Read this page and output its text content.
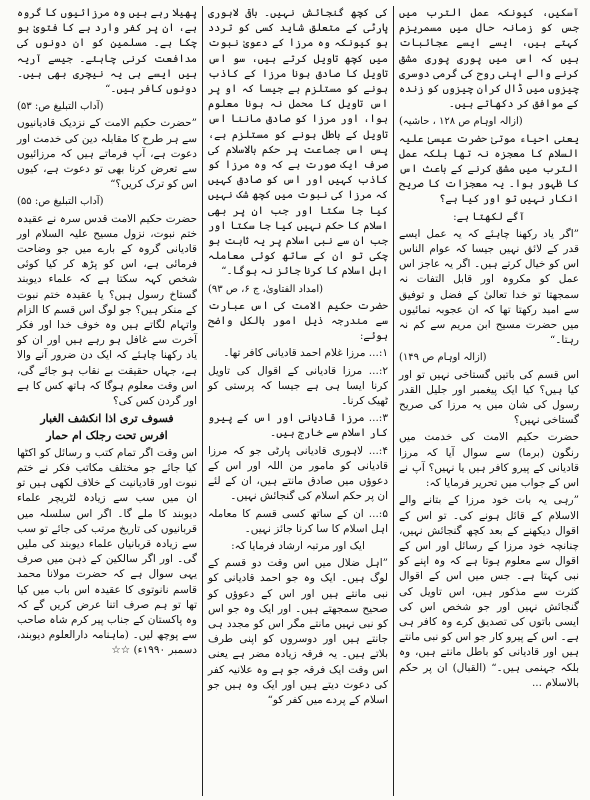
آسکیں، کیونکہ عمل الترب میں جس کو زمانہ حال میں مسمریزم کہتے ہیں، ایسے ایسے عجائبات ہیں کہ اس میں پوری پوری مشق کرنے والے اپنی روح کی گرمی دوسری چیزوں میں ڈال کران چیزوں کو زندہ کے موافق کر دکھاتے ہیں۔

(ازالہ اوہام ص ۱۲۸ ، حاشیہ)

یعنی احیاء موتیٰ حضرت عیسیٰ علیہ السلام کا معجزہ نہ تھا بلکہ عمل الترب میں مشق کرنے کے باعث اس کا ظہور ہوا۔ یہ معجزات کا صریح انکار نہیں تو اور کیا ہے؟

آگے لکھتا ہے:

”اگر یاد رکھنا چاہئے کہ یہ عمل ایسے قدر کے لائق نہیں جیسا کہ عوام الناس اس کو خیال کرتے ہیں۔ اگر یہ عاجز اس عمل کو مکروہ اور قابل التفات نہ سمجھتا تو خدا تعالیٰ کے فضل و توفیق سے امید رکھتا تھا کہ ان عجوبہ نمائیوں میں حضرت مسیح ابن مریم سے کم نہ رہتا۔“

(ازالہ اوہام ص ۱۴۹)

اس قسم کی باتیں گستاخی نہیں تو اور کیا ہیں؟ کیا ایک پیغمبر اور جلیل القدر رسول کی شان میں یہ مرزا کی صریح گستاخی نہیں؟

حضرت حکیم الامت کی خدمت میں رنگون (برما) سے سوال آیا کہ مرزا قادیانی کے پیرو کافر ہیں یا نہیں؟ آپ نے اس کے جواب میں تحریر فرمایا کہ:

”رہی یہ بات خود مرزا کے بتانے والے الاسلام کے قائل ہونے کی۔ تو اس کے اقوال دیکھنے کے بعد کچھ گنجائش نہیں، چنانچہ خود مرزا کے رسائل اور اس کے اقوال سے معلوم ہوتا ہے کہ وہ اپنے کو نبی کہتا ہے۔ جس میں اس کے اقوال کثرت سے مذکور ہیں، اس تاویل کی گنجائش نہیں اور جو شخص اس کی ایسی باتوں کی تصدیق کرے وہ کافر ہی ہے۔ اس کے پیرو کار جو اس کو نبی مانتے ہیں اور قادیانی کو باطل مانتے ہیں، وہ بلکہ جہنمی ہیں۔“ (القبال) ان پر حکم بالاسلام ...

کی کچھ گنجائش نہیں۔ باقی لاہوری پارٹی کے متعلق شاید کسی کو تردد ہو کیونکہ وہ مرزا کے دعویٰ نبوت میں کچھ تاویل کرتے ہیں، سو اس تاویل کا صادق ہونا مرزا کے کاذب ہونے کو مستلزم ہے جیسا کہ او پر اس تاویل کا محمل نہ ہونا معلوم ہوا، اور مرزا کو صادق ماننا اس تاویل کے باطل ہونے کو مستلزم ہے، پس اس جماعت پر حکم بالاسلام کی صرف ایک صورت ہے کہ وہ مرزا کو کاذب کہیں اور اس کو صادق کہیں کہ مرزا کی نبوت میں کچھ شک نہیں کیا جا سکتا اور جب ان پر بھی اسلام کا حکم نہیں کیا جا سکتا اور جب ان سے نبی اسلام پر یہ ثابت ہو چکی تو ان کے ساتھ کوئی معاملہ اہل اسلام کا کرنا جائز نہ ہوگا۔“

(امداد الفتاویٰ، ج ۶، ص ۹۳)

حضرت حکیم الامت کی اس عبارت سے مندرجہ ذیل امور بالکل واضح ہوئے:

۱:... مرزا غلام احمد قادیانی کافر تھا۔

۲:... مرزا قادیانی کے اقوال کی تاویل کرنا ایسا ہی ہے جیسا کہ پرستی کو ٹھیک کرنا۔

۳:... مرزا قادیانی اور اس کے پیرو کار اسلام سے خارج ہیں۔

۴:... لاہوری قادیانی پارٹی جو کہ مرزا قادیانی کو مامور من اللہ اور اس کے دعوؤں میں صادق مانتے ہیں، ان کے لئے ان پر حکم اسلام کی گنجائش نہیں۔

۵:... ان کے ساتھ کسی قسم کا معاملہ اہل اسلام کا سا کرنا جائز نہیں۔

ایک اور مرتبہ ارشاد فرمایا کہ:

”اہل ضلال میں اس وقت دو قسم کے لوگ ہیں۔ ایک وہ جو احمد قادیانی کو نبی مانتے ہیں اور اس کے دعوؤں کو صحیح سمجھتے ہیں۔ اور ایک وہ جو اس کو نبی نہیں مانتے مگر اس کو مجدد ہی جانتے ہیں اور دوسروں کو اپنی طرف بلاتے ہیں۔ یہ فرقہ زیادہ مضر ہے یعنی اس وقت ایک فرقہ جو ہے وہ علانیہ کفر کی دعوت دیتے ہیں اور ایک وہ ہیں جو اسلام کے پردے میں کفر کو“

پھیلا رہے ہیں وہ مرزائیوں کا گروہ ہے، ان پر کفر وارد ہے کا فتویٰ ہو چکا ہے۔ مسلمین کو ان دونوں کی مدافعت کرنی چاہئے۔ جیسے آریہ ہیں ایسے ہی یہ نیچری بھی ہیں۔ دونوں کافر ہیں۔“

(آداب التبلیغ ص: ۵۳)

”حضرت حکیم الامت کے نزدیک قادیانیوں سے ہر طرح کا مقابلہ دین کی خدمت اور دعوت ہے، آپ فرماتے ہیں کہ مرزائیوں سے تعرض کرنا بھی تو دعوت ہے، کیوں اس کو ترک کریں؟“

(آداب التبلیغ ص: ۵۵)

حضرت حکیم الامت قدس سرہ نے عقیدہ ختم نبوت، نزول مسیح علیہ السلام اور قادیانی گروہ کے بارے میں جو وضاحت فرمائی ہے، اس کو پڑھ کر کیا کوئی شخص کہہ سکتا ہے کہ علماء دیوبند گستاخ رسول ہیں؟ یا عقیدہ ختم نبوت کے منکر ہیں؟ جو لوگ اس قسم کا الزام واتہام لگاتے ہیں وہ خوف خدا اور فکر آخرت سے غافل ہو رہے ہیں اور ان کو یاد رکھنا چاہئے کہ ایک دن ضرور آنے والا ہے، جہاں حقیقت بے نقاب ہو جائے گی، اس وقت معلوم ہوگا کہ ہاتھ کس کا ہے اور گردن کس کی؟

فسوف تری اذا انکشف الغبار

افرس تحت رجلک ام حمار

اس وقت اگر تمام کتب و رسائل کو اکٹھا کیا جائے جو مختلف مکاتب فکر نے ختم نبوت اور قادیانیت کے خلاف لکھی ہیں تو ان میں سب سے زیادہ لٹریچر علماء دیوبند کا ملے گا۔ اگر اس سلسلہ میں قربانیوں کی تاریخ مرتب کی جائے تو سب سے زیادہ قربانیاں علماء دیوبند کی ملیں گی۔ اور اگر سالکین کے ذہن میں صرف یہی سوال ہے کہ حضرت مولانا محمد قاسم نانوتوی کا عقیدہ اس باب میں کیا تھا تو ہم صرف اتنا عرض کریں گے کہ وہ پاکستان کے جناب پیر کرم شاہ صاحب سے پوچھ لیں۔ (ماہنامہ دارالعلوم دیوبند، دسمبر ۱۹۹۰ء) ☆☆
